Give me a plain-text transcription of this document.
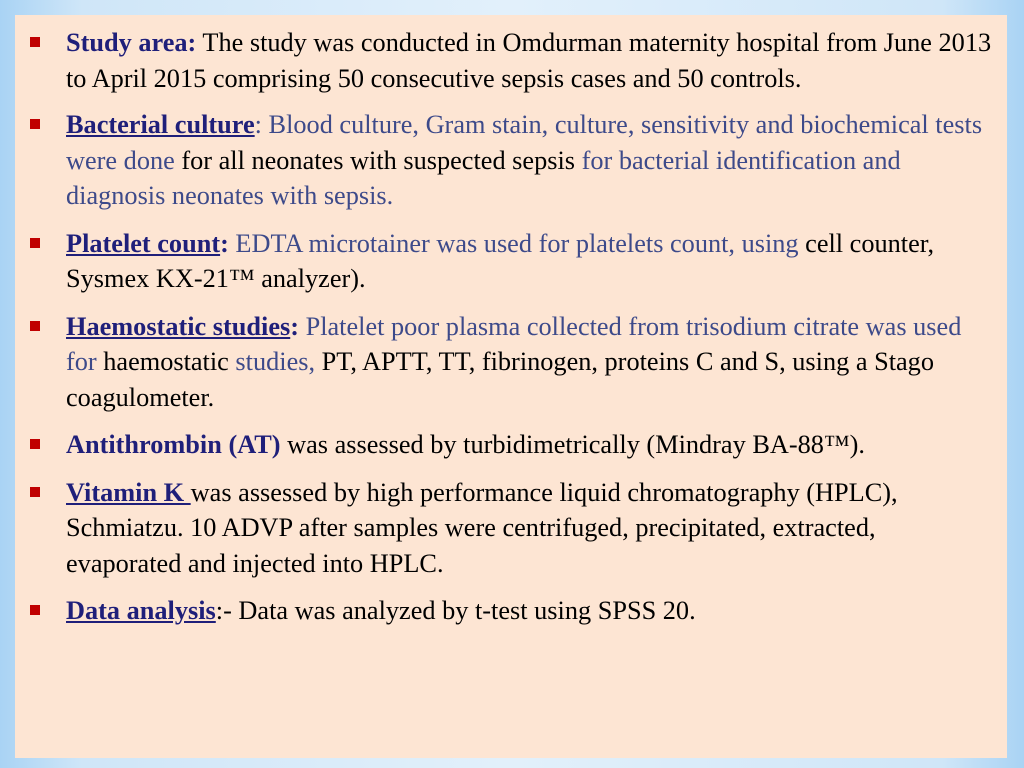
Study area: The study was conducted in Omdurman maternity hospital from June 2013 to April 2015 comprising 50 consecutive sepsis cases and 50 controls.
Bacterial culture: Blood culture, Gram stain, culture, sensitivity and biochemical tests were done for all neonates with suspected sepsis for bacterial identification and diagnosis neonates with sepsis.
Platelet count: EDTA microtainer was used for platelets count, using cell counter, Sysmex KX-21™ analyzer).
Haemostatic studies: Platelet poor plasma collected from trisodium citrate was used for haemostatic studies, PT, APTT, TT, fibrinogen, proteins C and S, using a Stago coagulometer.
Antithrombin (AT) was assessed by turbidimetrically (Mindray BA-88™).
Vitamin K was assessed by high performance liquid chromatography (HPLC), Schmiatzu. 10 ADVP after samples were centrifuged, precipitated, extracted, evaporated and injected into HPLC.
Data analysis:- Data was analyzed by t-test using SPSS 20.
